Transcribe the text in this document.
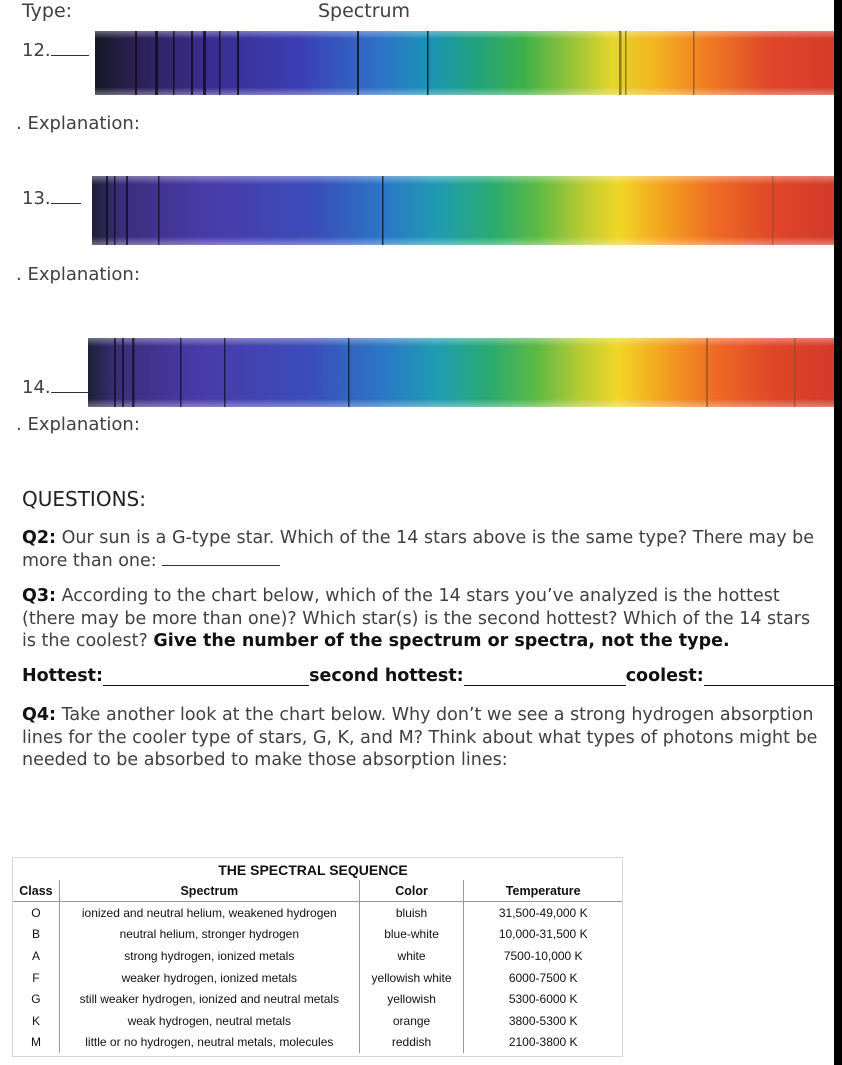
Type:	Spectrum
12.
. Explanation:
13.
. Explanation:
14.
. Explanation:
QUESTIONS:
Q2: Our sun is a G-type star. Which of the 14 stars above is the same type? There may be more than one:
Q3: According to the chart below, which of the 14 stars you’ve analyzed is the hottest (there may be more than one)? Which star(s) is the second hottest? Which of the 14 stars is the coolest? Give the number of the spectrum or spectra, not the type.
Hottest:	second hottest:	coolest:
Q4: Take another look at the chart below. Why don’t we see a strong hydrogen absorption lines for the cooler type of stars, G, K, and M? Think about what types of photons might be needed to be absorbed to make those absorption lines:
THE SPECTRAL SEQUENCE
Class	Spectrum	Color	Temperature
O	ionized and neutral helium, weakened hydrogen	bluish	31,500-49,000 K
B	neutral helium, stronger hydrogen	blue-white	10,000-31,500 K
A	strong hydrogen, ionized metals	white	7500-10,000 K
F	weaker hydrogen, ionized metals	yellowish white	6000-7500 K
G	still weaker hydrogen, ionized and neutral metals	yellowish	5300-6000 K
K	weak hydrogen, neutral metals	orange	3800-5300 K
M	little or no hydrogen, neutral metals, molecules	reddish	2100-3800 K
